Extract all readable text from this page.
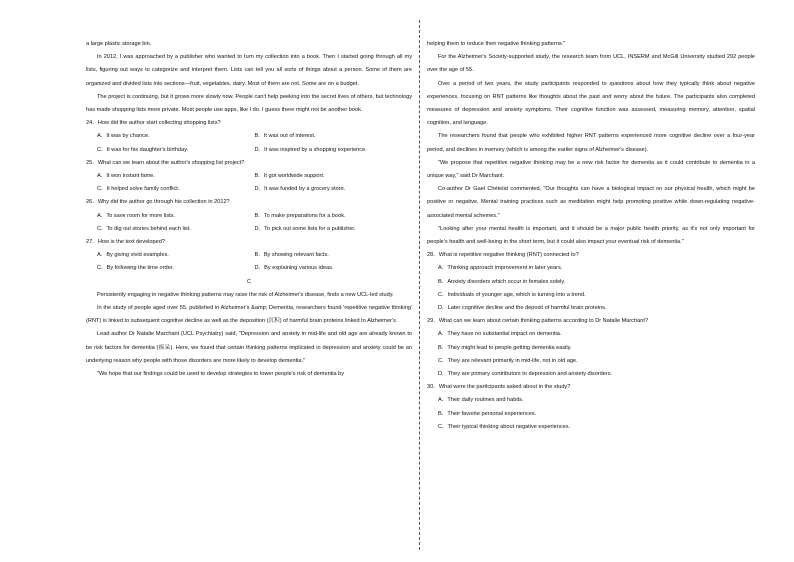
a large plastic storage bin.

In 2012, I was approached by a publisher who wanted to turn my collection into a book. Then I started going through all my lists, figuring out ways to categorize and interpret them. Lists can tell you all sorts of things about a person. Some of them are organized and divided lists into sections—fruit, vegetables, dairy. Most of them are not. Some are on a budget.

The project is continuing, but it grows more slowly now. People can't help peeking into the secret lives of others, but technology has made shopping lists more private. Most people use apps, like I do. I guess there might not be another book.

24．How did the author start collecting shopping lists?

A．It was by chance.	B．It was out of interest.
C．It was for his daughter's birthday.	D．It was inspired by a shopping experience.

25．What can we learn about the author's shopping list project?

A．It won instant fame.	B．It got worldwide support.
C．It helped solve family conflict.	D．It was funded by a grocery store.

26．Why did the author go through his collection in 2012?

A．To save room for more lists.	B．To make preparations for a book.
C．To dig out stories behind each list.	D．To pick out some lists for a publisher.

27．How is the text developed?

A．By giving vivid examples.	B．By showing relevant facts.
C．By following the time order.	D．By explaining various ideas.

C

Persistently engaging in negative thinking patterns may raise the risk of Alzheimer's disease, finds a new UCL-led study.

In the study of people aged over 55, published in Alzheimer's &amp; Dementia, researchers found 'repetitive negative thinking' (RNT) is linked to subsequent cognitive decline as well as the deposition (沉积) of harmful brain proteins linked to Alzheimer's.

Lead author Dr Natalie Marchant (UCL Psychiatry) said, "Depression and anxiety in mid-life and old age are already known to be risk factors for dementia (痴呆). Here, we found that certain thinking patterns implicated in depression and anxiety could be an underlying reason why people with those disorders are more likely to develop dementia."

"We hope that our findings could be used to develop strategies to lower people's risk of dementia by

helping them to reduce their negative thinking patterns."

For the Alzheimer's Society-supported study, the research team from UCL, INSERM and McGill University studied 292 people over the age of 55.

Over a period of two years, the study participants responded to questions about how they typically think about negative experiences, focusing on RNT patterns like thoughts about the past and worry about the future. The participants also completed measures of depression and anxiety symptoms. Their cognitive function was assessed, measuring memory, attention, spatial cognition, and language.

The researchers found that people who exhibited higher RNT patterns experienced more cognitive decline over a four-year period, and declines in memory (which is among the earlier signs of Alzheimer's disease).

"We propose that repetitive negative thinking may be a new risk factor for dementia as it could contribute to dementia in a unique way," said Dr Marchant.

Co-author Dr Gael Chételat commented, "Our thoughts can have a biological impact on our physical health, which might be positive or negative. Mental training practices such as meditation might help promoting positive while down-regulating negative-associated mental schemes."

"Looking after your mental health is important, and it should be a major public health priority, as it's not only important for people's health and well-being in the short term, but it could also impact your eventual risk of dementia."

28．What is repetitive negative thinking (RNT) connected to?

A．Thinking approach improvement in later years.
B．Anxiety disorders which occur in females solely.
C．Individuals of younger age, which is turning into a trend.
D．Later cognitive decline and the deposit of harmful brain proteins.

29．What can we learn about certain thinking patterns according to Dr Natalie Marchant?

A．They have no substantial impact on dementia.
B．They might lead to people getting dementia easily.
C．They are relevant primarily in mid-life, not in old age.
D．They are primary contributors to depression and anxiety disorders.

30．What were the participants asked about in the study?

A．Their daily routines and habits.
B．Their favorite personal experiences.
C．Their typical thinking about negative experiences.
